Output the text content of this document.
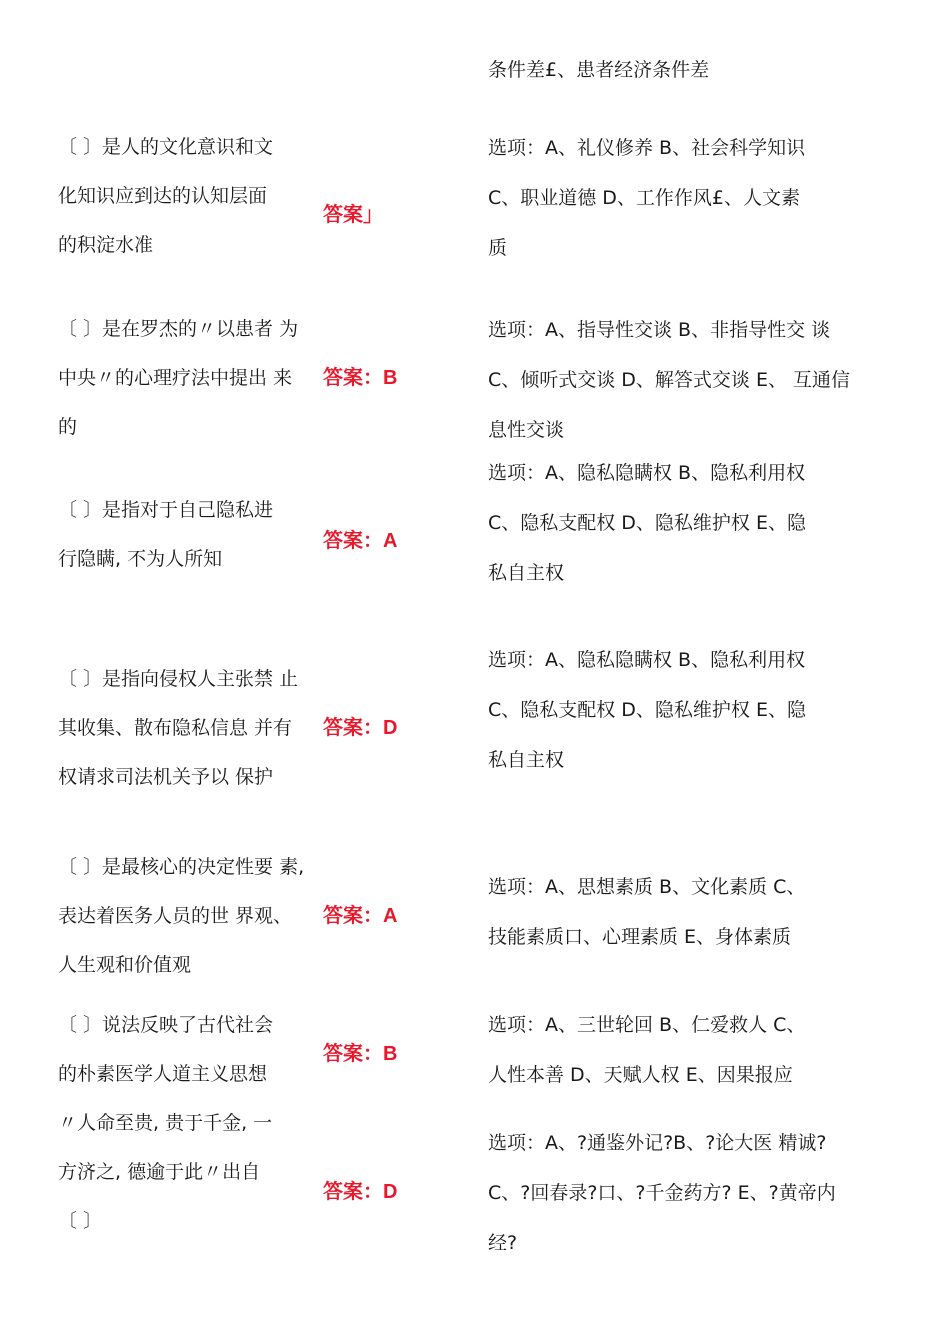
条件差£、患者经济条件差

〔 〕是人的文化意识和文
化知识应到达的认知层面
的积淀水准

答案」

选项：A、礼仪修养 B、社会科学知识
C、职业道德 D、工作作风£、人文素
质

〔 〕是在罗杰的〃以患者 为
中央〃的心理疗法中提出 来
的

答案：B

选项：A、指导性交谈 B、非指导性交 谈
C、倾听式交谈 D、解答式交谈 E、 互通信
息性交谈

〔 〕是指对于自己隐私进
行隐瞒, 不为人所知

答案：A

选项：A、隐私隐瞒权 B、隐私利用权
C、隐私支配权 D、隐私维护权 E、隐
私自主权

〔 〕是指向侵权人主张禁 止
其收集、散布隐私信息 并有
权请求司法机关予以 保护

答案：D

选项：A、隐私隐瞒权 B、隐私利用权
C、隐私支配权 D、隐私维护权 E、隐
私自主权

〔 〕是最核心的决定性要 素,
表达着医务人员的世 界观、
人生观和价值观

答案：A

选项：A、思想素质 B、文化素质 C、
技能素质口、心理素质 E、身体素质

〔 〕说法反映了古代社会
的朴素医学人道主义思想

答案：B

选项：A、三世轮回 B、仁爱救人 C、
人性本善 D、天赋人权 E、因果报应

〃人命至贵, 贵于千金, 一
方济之, 德逾于此〃出自
〔 〕

答案：D

选项：A、?通鉴外记?B、?论大医 精诚?
C、?回春录?口、?千金药方? E、?黄帝内
经?
